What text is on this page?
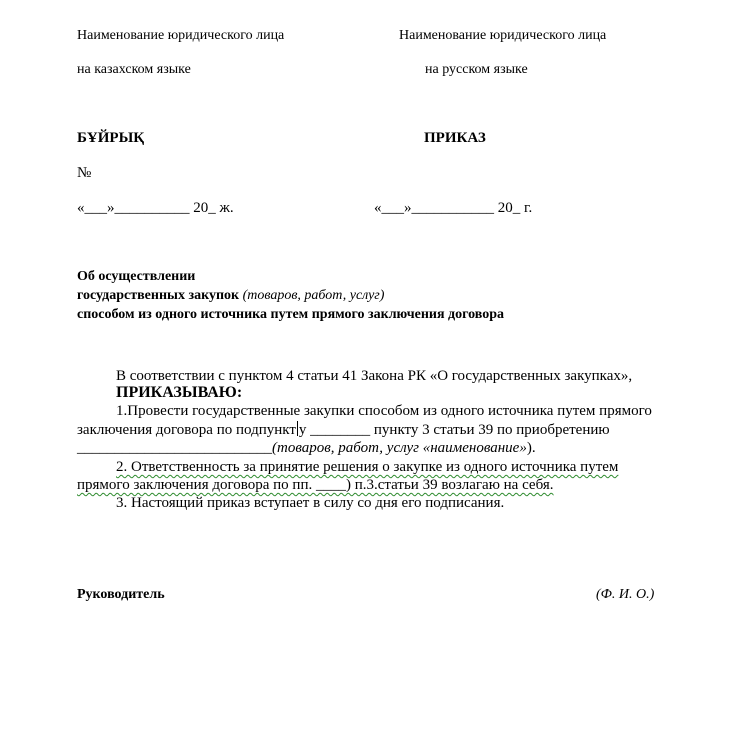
Наименование юридического лица
на казахском языке
Наименование юридического лица
на русском языке
БҰЙРЫҚ	ПРИКАЗ
№
«___»__________ 20_ ж.	«___»___________ 20_ г.
Об осуществлении
государственных закупок (товаров, работ, услуг)
способом из одного источника путем прямого заключения договора
В соответствии с пунктом 4 статьи 41 Закона РК «О государственных закупках»,
ПРИКАЗЫВАЮ:
1.Провести государственные закупки способом из одного источника путем прямого
заключения договора по подпункт у ________ пункту 3 статьи 39 по приобретению
__________________________(товаров, работ, услуг «наименование»).
2. Ответственность за принятие решения о закупке из одного источника путем
прямого заключения договора по пп. ____) п.3.статьи 39 возлагаю на себя.
3. Настоящий приказ вступает в силу со дня его подписания.
Руководитель	(Ф. И. О.)
